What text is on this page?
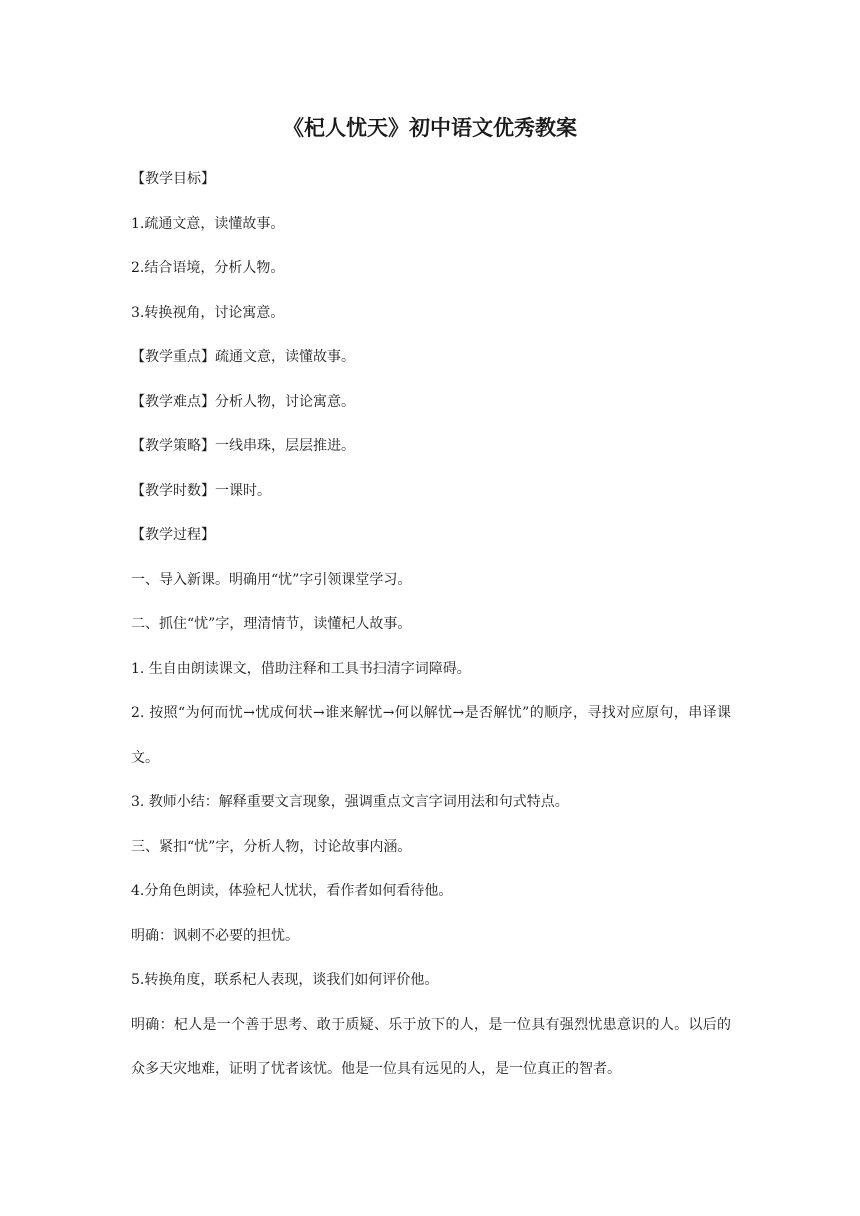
《杞人忧天》初中语文优秀教案

【教学目标】

1.疏通文意，读懂故事。

2.结合语境，分析人物。

3.转换视角，讨论寓意。

【教学重点】疏通文意，读懂故事。

【教学难点】分析人物，讨论寓意。

【教学策略】一线串珠，层层推进。

【教学时数】一课时。

【教学过程】

一、导入新课。明确用“忧”字引领课堂学习。

二、抓住“忧”字，理清情节，读懂杞人故事。

1. 生自由朗读课文，借助注释和工具书扫清字词障碍。

2. 按照“为何而忧→忧成何状→谁来解忧→何以解忧→是否解忧”的顺序，寻找对应原句，串译课文。

3. 教师小结：解释重要文言现象，强调重点文言字词用法和句式特点。

三、紧扣“忧”字，分析人物，讨论故事内涵。

4.分角色朗读，体验杞人忧状，看作者如何看待他。

明确：讽刺不必要的担忧。

5.转换角度，联系杞人表现，谈我们如何评价他。

明确：杞人是一个善于思考、敢于质疑、乐于放下的人，是一位具有强烈忧患意识的人。以后的众多天灾地难，证明了忧者该忧。他是一位具有远见的人，是一位真正的智者。
